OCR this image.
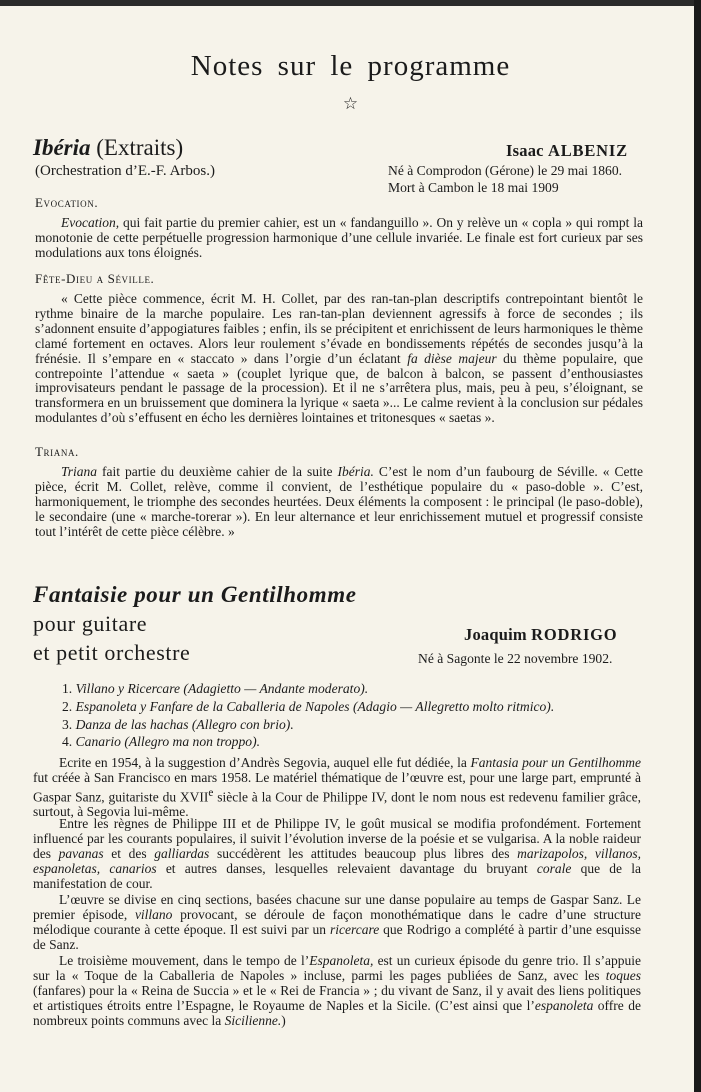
Notes sur le programme
☆
Ibéria (Extraits)
(Orchestration d’E.-F. Arbos.)
Isaac ALBENIZ
Né à Comprodon (Gérone) le 29 mai 1860.
Mort à Cambon le 18 mai 1909
Evocation.

Evocation, qui fait partie du premier cahier, est un « fandanguillo ». On y relève un « copla » qui rompt la monotonie de cette perpétuelle progression harmonique d’une cellule invariée. Le finale est fort curieux par ses modulations aux tons éloignés.

Fête-Dieu a Séville.

« Cette pièce commence, écrit M. H. Collet, par des ran-tan-plan descriptifs contrepointant bientôt le rythme binaire de la marche populaire. Les ran-tan-plan deviennent agressifs à force de secondes ; ils s’adonnent ensuite d’appogiatures faibles ; enfin, ils se précipitent et enrichissent de leurs harmoniques le thème clamé fortement en octaves. Alors leur roulement s’évade en bondissements répétés de secondes jusqu’à la frénésie. Il s’empare en « staccato » dans l’orgie d’un éclatant fa dièse majeur du thème populaire, que contrepointe l’attendue « saeta » (couplet lyrique que, de balcon à balcon, se passent d’enthousiastes improvisateurs pendant le passage de la procession). Et il ne s’arrêtera plus, mais, peu à peu, s’éloignant, se transformera en un bruissement que dominera la lyrique « saeta »... Le calme revient à la conclusion sur pédales modulantes d’où s’effusent en écho les dernières lointaines et tritonesques « saetas ».

Triana.

Triana fait partie du deuxième cahier de la suite Ibéria. C’est le nom d’un faubourg de Séville. « Cette pièce, écrit M. Collet, relève, comme il convient, de l’esthétique populaire du « paso-doble ». C’est, harmoniquement, le triomphe des secondes heurtées. Deux éléments la composent : le principal (le paso-doble), le secondaire (une « marche-torerar »). En leur alternance et leur enrichissement mutuel et progressif consiste tout l’intérêt de cette pièce célèbre. »

Fantaisie pour un Gentilhomme
pour guitare
et petit orchestre
Joaquim RODRIGO
Né à Sagonte le 22 novembre 1902.
1. Villano y Ricercare (Adagietto — Andante moderato).
2. Espanoleta y Fanfare de la Caballeria de Napoles (Adagio — Allegretto molto ritmico).
3. Danza de las hachas (Allegro con brio).
4. Canario (Allegro ma non troppo).

Ecrite en 1954, à la suggestion d’Andrès Segovia, auquel elle fut dédiée, la Fantasia pour un Gentilhomme fut créée à San Francisco en mars 1958. Le matériel thématique de l’œuvre est, pour une large part, emprunté à Gaspar Sanz, guitariste du XVIIe siècle à la Cour de Philippe IV, dont le nom nous est redevenu familier grâce, surtout, à Segovia lui-même.

Entre les règnes de Philippe III et de Philippe IV, le goût musical se modifia profondément. Fortement influencé par les courants populaires, il suivit l’évolution inverse de la poésie et se vulgarisa. A la noble raideur des pavanas et des galliardas succédèrent les attitudes beaucoup plus libres des marizapolos, villanos, espanoletas, canarios et autres danses, lesquelles relevaient davantage du bruyant corale que de la manifestation de cour.

L’œuvre se divise en cinq sections, basées chacune sur une danse populaire au temps de Gaspar Sanz. Le premier épisode, villano provocant, se déroule de façon monothématique dans le cadre d’une structure mélodique courante à cette époque. Il est suivi par un ricercare que Rodrigo a complété à partir d’une esquisse de Sanz.

Le troisième mouvement, dans le tempo de l’Espanoleta, est un curieux épisode du genre trio. Il s’appuie sur la « Toque de la Caballeria de Napoles » incluse, parmi les pages publiées de Sanz, avec les toques (fanfares) pour la « Reina de Succia » et le « Rei de Francia » ; du vivant de Sanz, il y avait des liens politiques et artistiques étroits entre l’Espagne, le Royaume de Naples et la Sicile. (C’est ainsi que l’espanoleta offre de nombreux points communs avec la Sicilienne.)
